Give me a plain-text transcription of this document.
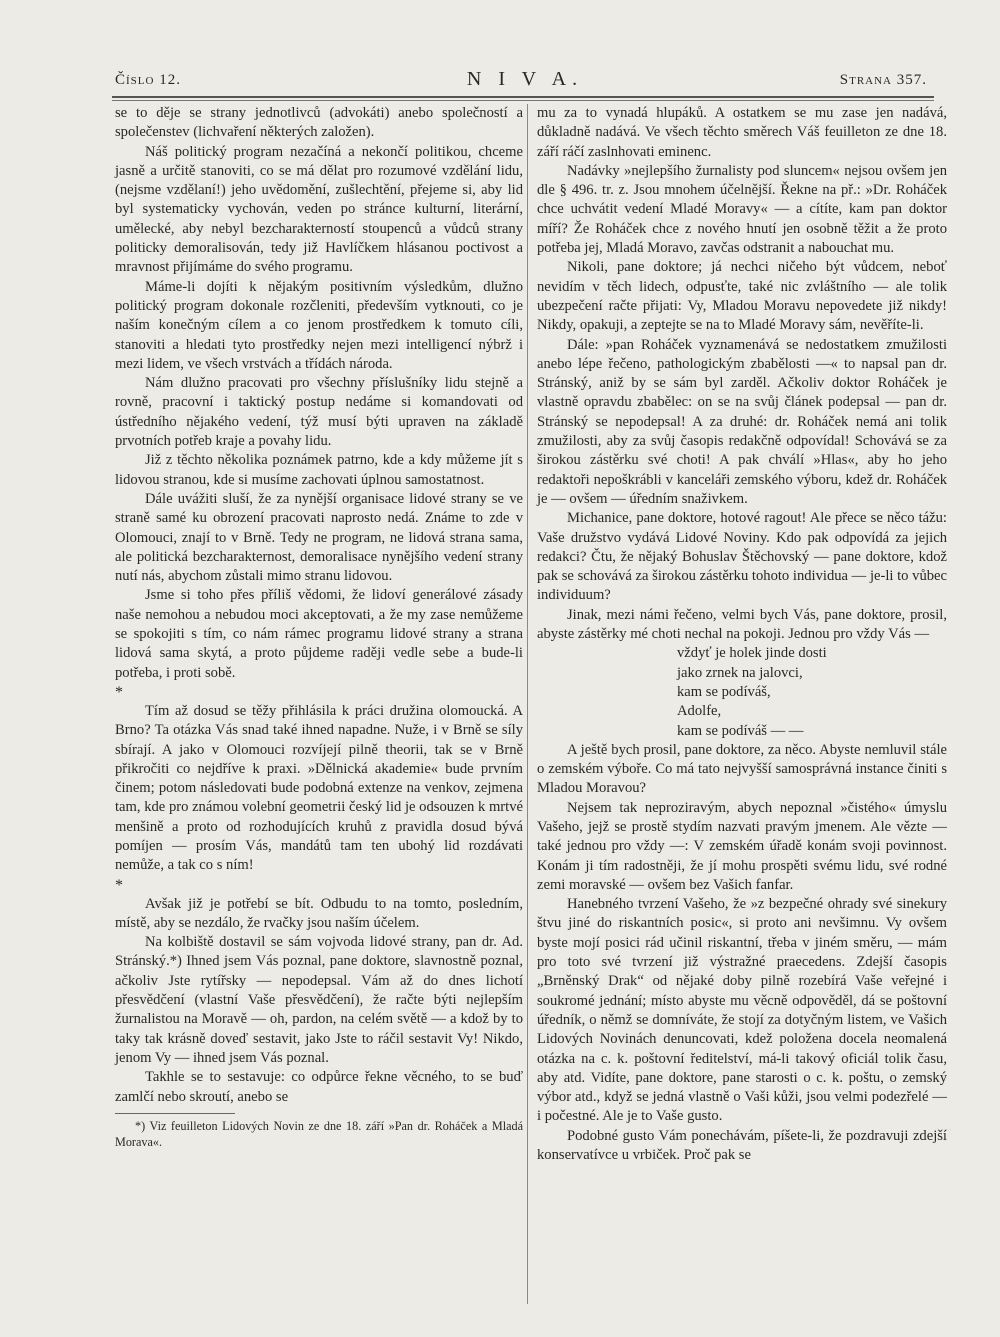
Číslo 12.	N I V A.	Strana 357.

se to děje se strany jednotlivců (advokáti) anebo společností a společenstev (lichvaření některých založen).

Náš politický program nezačíná a nekončí politikou, chceme jasně a určitě stanoviti, co se má dělat pro rozumové vzdělání lidu, (nejsme vzdělaní!) jeho uvědomění, zušlechtění, přejeme si, aby lid byl systematicky vychován, veden po stránce kulturní, literární, umělecké, aby nebyl bezcharakterností stoupenců a vůdců strany politicky demoralisován, tedy již Havlíčkem hlásanou poctivost a mravnost přijímáme do svého programu.

Máme-li dojíti k nějakým positivním výsledkům, dlužno politický program dokonale rozčleniti, především vytknouti, co je naším konečným cílem a co jenom prostředkem k tomuto cíli, stanoviti a hledati tyto prostředky nejen mezi intelligencí nýbrž i mezi lidem, ve všech vrstvách a třídách národa.

Nám dlužno pracovati pro všechny příslušníky lidu stejně a rovně, pracovní i taktický postup nedáme si komandovati od ústředního nějakého vedení, týž musí býti upraven na základě prvotních potřeb kraje a povahy lidu.

Již z těchto několika poznámek patrno, kde a kdy můžeme jít s lidovou stranou, kde si musíme zachovati úplnou samostatnost.

Dále uvážiti sluší, že za nynější organisace lidové strany se ve straně samé ku obrození pracovati naprosto nedá. Známe to zde v Olomouci, znají to v Brně. Tedy ne program, ne lidová strana sama, ale politická bezcharakternost, demoralisace nynějšího vedení strany nutí nás, abychom zůstali mimo stranu lidovou.

Jsme si toho přes příliš vědomi, že lidoví generálové zásady naše nemohou a nebudou moci akceptovati, a že my zase nemůžeme se spokojiti s tím, co nám rámec programu lidové strany a strana lidová sama skytá, a proto půjdeme raději vedle sebe a bude-li potřeba, i proti sobě.

*

Tím až dosud se těžy přihlásila k práci družina olomoucká. A Brno? Ta otázka Vás snad také ihned napadne. Nuže, i v Brně se síly sbírají. A jako v Olomouci rozvíjejí pilně theorii, tak se v Brně přikročiti co nejdříve k praxi. »Dělnická akademie« bude prvním činem; potom následovati bude podobná extenze na venkov, zejmena tam, kde pro známou volební geometrii český lid je odsouzen k mrtvé menšině a proto od rozhodujících kruhů z pravidla dosud bývá pomíjen — prosím Vás, mandátů tam ten ubohý lid rozdávati nemůže, a tak co s ním!

*

Avšak již je potřebí se bít. Odbudu to na tomto, posledním, místě, aby se nezdálo, že rvačky jsou naším účelem.

Na kolbiště dostavil se sám vojvoda lidové strany, pan dr. Ad. Stránský.*) Ihned jsem Vás poznal, pane doktore, slavnostně poznal, ačkoliv Jste rytířsky — nepodepsal. Vám až do dnes lichotí přesvědčení (vlastní Vaše přesvědčení), že račte býti nejlepším žurnalistou na Moravě — oh, pardon, na celém světě — a kdož by to taky tak krásně doveď sestavit, jako Jste to ráčil sestavit Vy! Nikdo, jenom Vy — ihned jsem Vás poznal.

Takhle se to sestavuje: co odpůrce řekne věcného, to se buď zamlčí nebo skroutí, anebo se

*) Viz feuilleton Lidových Novin ze dne 18. září »Pan dr. Roháček a Mladá Morava«.

mu za to vynadá hlupáků. A ostatkem se mu zase jen nadává, důkladně nadává. Ve všech těchto směrech Váš feuilleton ze dne 18. září ráčí zaslnhovati eminenc.

Nadávky »nejlepšího žurnalisty pod sluncem« nejsou ovšem jen dle § 496. tr. z. Jsou mnohem účelnější. Řekne na př.: »Dr. Roháček chce uchvátit vedení Mladé Moravy« — a cítíte, kam pan doktor míří? Že Roháček chce z nového hnutí jen osobně těžit a že proto potřeba jej, Mladá Moravo, zavčas odstranit a nabouchat mu.

Nikoli, pane doktore; já nechci ničeho být vůdcem, neboť nevidím v těch lidech, odpusťte, také nic zvláštního — ale tolik ubezpečení račte přijati: Vy, Mladou Moravu nepovedete již nikdy! Nikdy, opakuji, a zeptejte se na to Mladé Moravy sám, nevěříte-li.

Dále: »pan Roháček vyznamenává se nedostatkem zmužilosti anebo lépe řečeno, pathologickým zbabělosti —« to napsal pan dr. Stránský, aniž by se sám byl zarděl. Ačkoliv doktor Roháček je vlastně opravdu zbabělec: on se na svůj článek podepsal — pan dr. Stránský se nepodepsal! A za druhé: dr. Roháček nemá ani tolik zmužilosti, aby za svůj časopis redakčně odpovídal! Schovává se za širokou zástěrku své choti! A pak chválí »Hlas«, aby ho jeho redaktoři nepoškrábli v kanceláři zemského výboru, kdež dr. Roháček je — ovšem — úředním snaživkem.

Michanice, pane doktore, hotové ragout! Ale přece se něco tážu: Vaše družstvo vydává Lidové Noviny. Kdo pak odpovídá za jejich redakci? Čtu, že nějaký Bohuslav Štěchovský — pane doktore, kdož pak se schovává za širokou zástěrku tohoto individua — je-li to vůbec individuum?

Jinak, mezi námi řečeno, velmi bych Vás, pane doktore, prosil, abyste zástěrky mé choti nechal na pokoji. Jednou pro vždy Vás —

vždyť je holek jinde dosti
jako zrnek na jalovci,
kam se podíváš,
Adolfe,
kam se podíváš — —

A ještě bych prosil, pane doktore, za něco. Abyste nemluvil stále o zemském výboře. Co má tato nejvyšší samosprávná instance činiti s Mladou Moravou?

Nejsem tak neproziravým, abych nepoznal »čistého« úmyslu Vašeho, jejž se prostě stydím nazvati pravým jmenem. Ale vězte — také jednou pro vždy —: V zemském úřadě konám svoji povinnost. Konám ji tím radostněji, že jí mohu prospěti svému lidu, své rodné zemi moravské — ovšem bez Vašich fanfar.

Hanebného tvrzení Vašeho, že »z bezpečné ohrady své sinekury štvu jiné do riskantních posic«, si proto ani nevšimnu. Vy ovšem byste mojí posici rád učinil riskantní, třeba v jiném směru, — mám pro toto své tvrzení již výstražné praecedens. Zdejší časopis „Brněnský Drak“ od nějaké doby pilně rozebírá Vaše veřejné i soukromé jednání; místo abyste mu věcně odpověděl, dá se poštovní úředník, o němž se domníváte, že stojí za dotyčným listem, ve Vašich Lidových Novinách denuncovati, kdež položena docela neomalená otázka na c. k. poštovní ředitelství, má-li takový oficiál tolik času, aby atd. Vidíte, pane doktore, pane starosti o c. k. poštu, o zemský výbor atd., když se jedná vlastně o Vaši kůži, jsou velmi podezřelé — i počestné. Ale je to Vaše gusto.

Podobné gusto Vám ponechávám, píšete-li, že pozdravuji zdejší konservatívce u vrbiček. Proč pak se
